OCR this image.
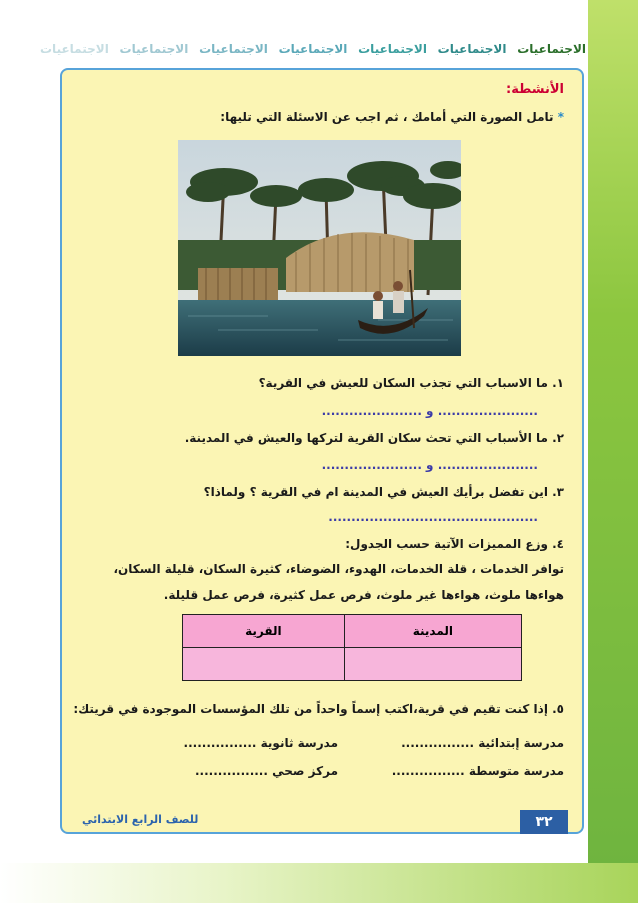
الاجتماعيات
الاجتماعيات
الاجتماعيات
الاجتماعيات
الاجتماعيات
الاجتماعيات
الاجتماعيات
الأنشطة:
* تامل الصورة التي أمامك ، ثم اجب عن الاسئلة التي تليها:
١. ما الاسباب التي تجذب السكان للعيش في القرية؟
...................... و ......................
٢. ما الأسباب التي تحث سكان القرية لتركها والعيش في المدينة.
...................... و ......................
٣. اين تفضل برأيك العيش في المدينة ام في القرية ؟ ولماذا؟
..............................................
٤. وزع المميزات الآتية حسب الجدول:
توافر الخدمات ، قلة الخدمات، الهدوء، الضوضاء، كثيرة السكان، قليلة السكان،
هواءها ملوث، هواءها غير ملوث، فرص عمل كثيرة، فرص عمل قليلة.
القرية	المدينة

٥. إذا كنت تقيم في قرية،اكتب إسماً واحداً من تلك المؤسسات الموجودة في قريتك:
مدرسة إبتدائية ................
مدرسة ثانوية ................
مدرسة متوسطة ................
مركز صحي ................
٣٢
للصف الرابع الابتدائي
